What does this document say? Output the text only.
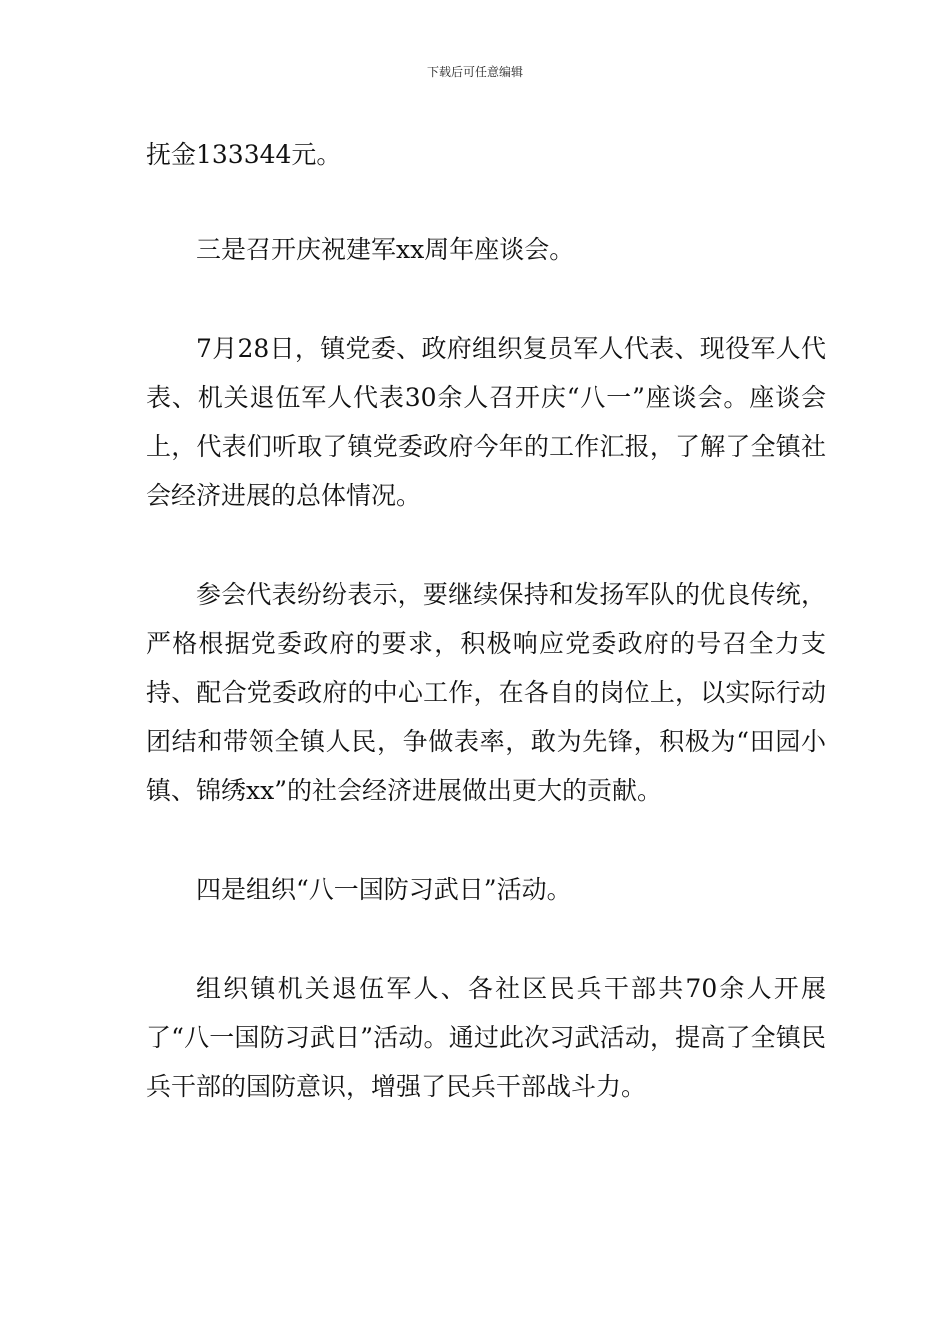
下载后可任意编辑

抚金133344元。

三是召开庆祝建军xx周年座谈会。

7月28日，镇党委、政府组织复员军人代表、现役军人代表、机关退伍军人代表30余人召开庆“八一”座谈会。座谈会上，代表们听取了镇党委政府今年的工作汇报，了解了全镇社会经济进展的总体情况。

参会代表纷纷表示，要继续保持和发扬军队的优良传统，严格根据党委政府的要求，积极响应党委政府的号召全力支持、配合党委政府的中心工作，在各自的岗位上，以实际行动团结和带领全镇人民，争做表率，敢为先锋，积极为“田园小镇、锦绣xx”的社会经济进展做出更大的贡献。

四是组织“八一国防习武日”活动。

组织镇机关退伍军人、各社区民兵干部共70余人开展了“八一国防习武日”活动。通过此次习武活动，提高了全镇民兵干部的国防意识，增强了民兵干部战斗力。
